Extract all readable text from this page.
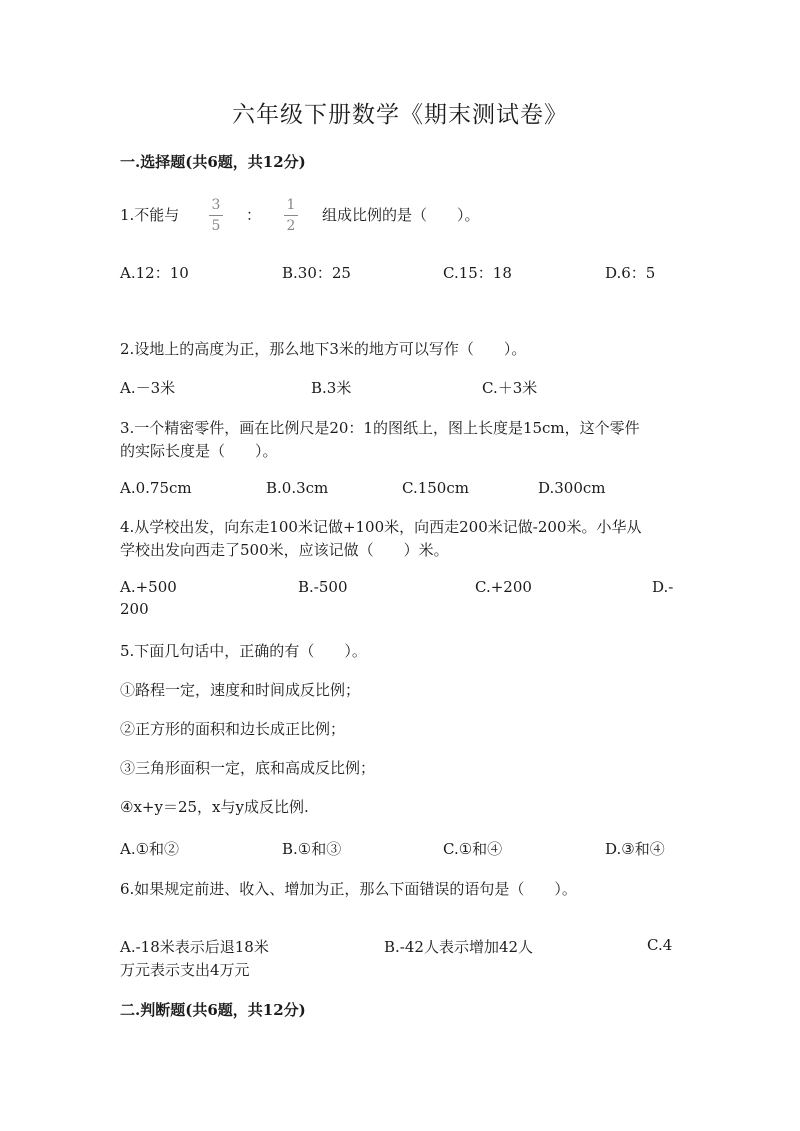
六年级下册数学《期末测试卷》
一.选择题(共6题，共12分)
1.不能与
3
5
：
1
2
组成比例的是（　　）。
A.12：10	B.30：25	C.15：18	D.6：5
2.设地上的高度为正，那么地下3米的地方可以写作（　　）。
A.－3米	B.3米	C.＋3米
3.一个精密零件，画在比例尺是20：1的图纸上，图上长度是15cm，这个零件
的实际长度是（　　）。
A.0.75cm	B.0.3cm	C.150cm	D.300cm
4.从学校出发，向东走100米记做+100米，向西走200米记做-200米。小华从
学校出发向西走了500米，应该记做（　　）米。
A.+500	B.-500	C.+200	D.-
200
5.下面几句话中，正确的有（　　）。
①路程一定，速度和时间成反比例；
②正方形的面积和边长成正比例；
③三角形面积一定，底和高成反比例；
④x+y＝25，x与y成反比例.
A.①和②	B.①和③	C.①和④	D.③和④
6.如果规定前进、收入、增加为正，那么下面错误的语句是（　　）。
A.-18米表示后退18米	B.-42人表示增加42人	C.4
万元表示支出4万元
二.判断题(共6题，共12分)
